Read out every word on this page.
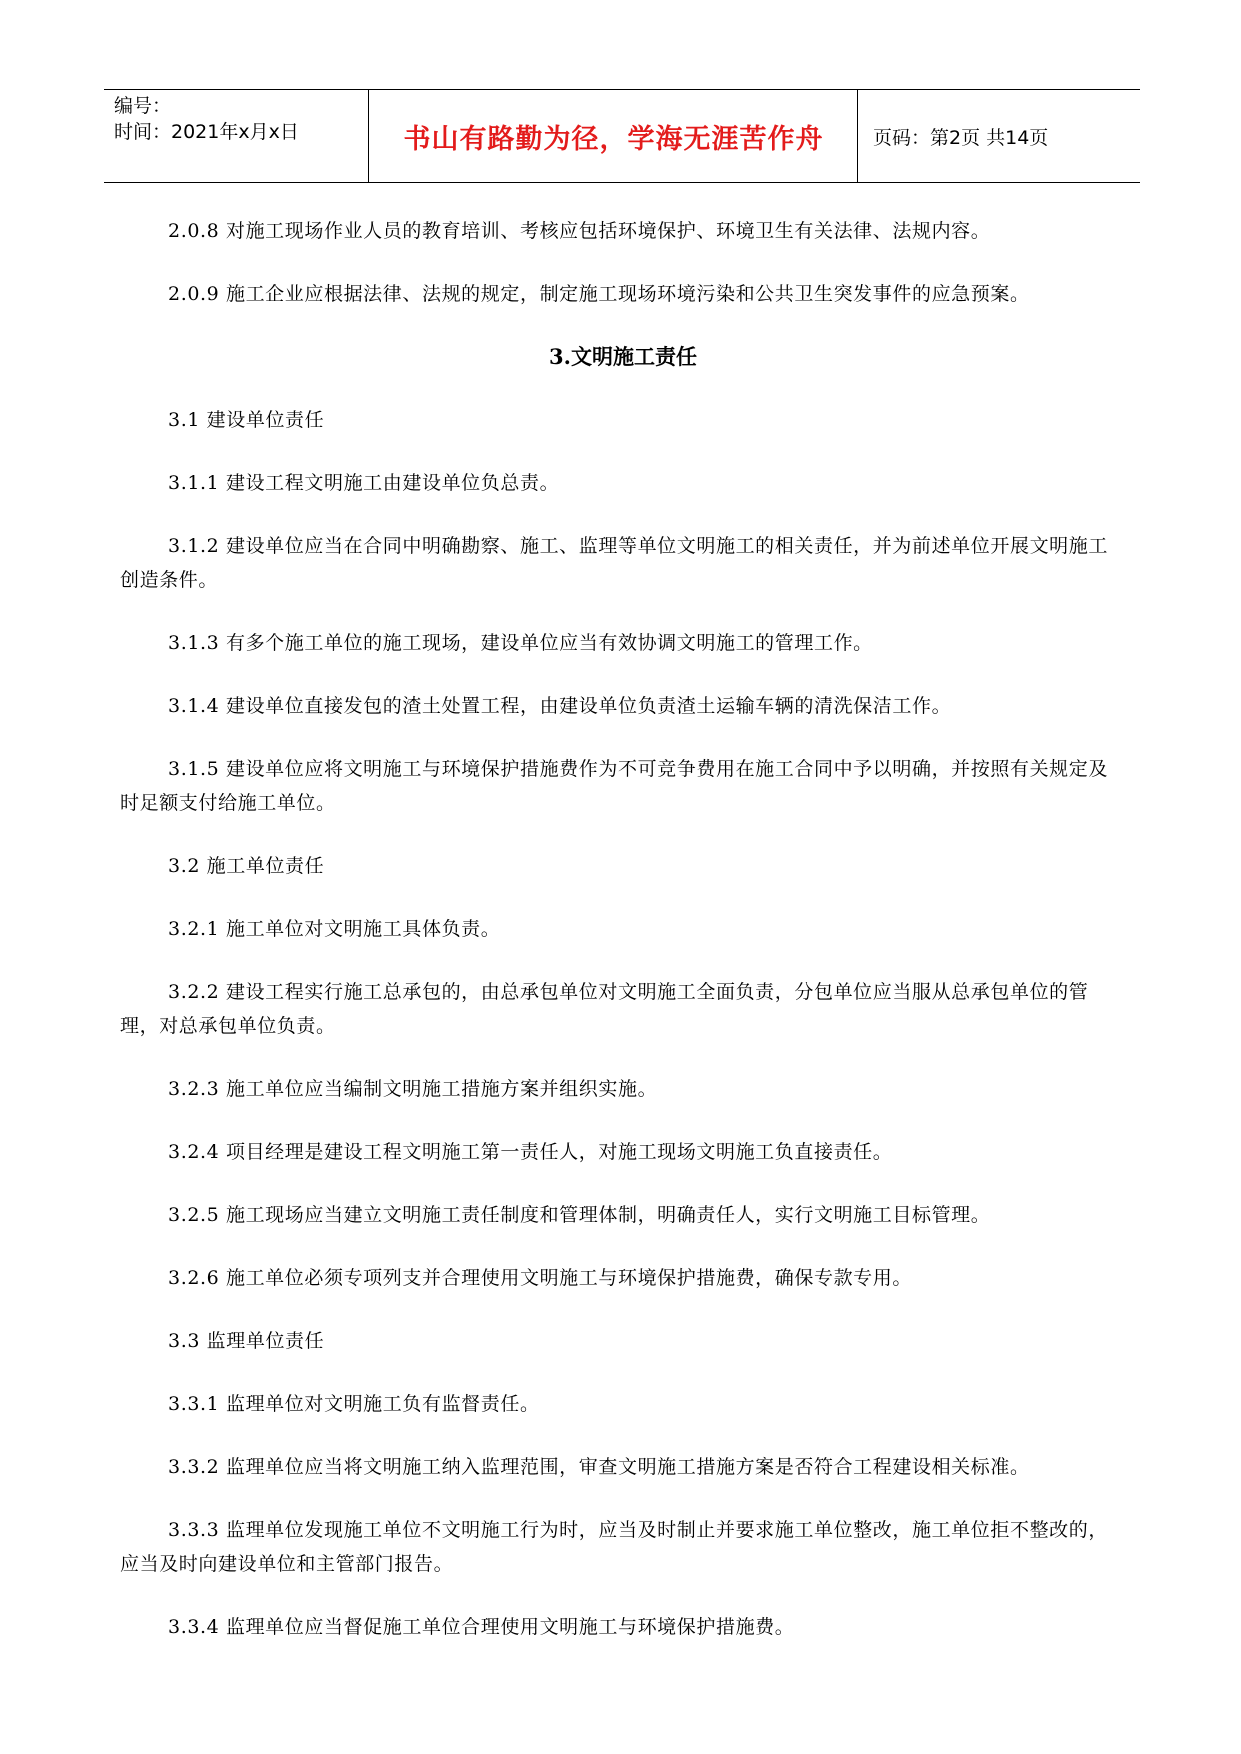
编号：
时间：2021年x月x日	书山有路勤为径，学海无涯苦作舟	页码：第2页 共14页

2.0.8 对施工现场作业人员的教育培训、考核应包括环境保护、环境卫生有关法律、法规内容。

2.0.9 施工企业应根据法律、法规的规定，制定施工现场环境污染和公共卫生突发事件的应急预案。

3.文明施工责任

3.1 建设单位责任

3.1.1 建设工程文明施工由建设单位负总责。

3.1.2 建设单位应当在合同中明确勘察、施工、监理等单位文明施工的相关责任，并为前述单位开展文明施工创造条件。

3.1.3 有多个施工单位的施工现场，建设单位应当有效协调文明施工的管理工作。

3.1.4 建设单位直接发包的渣土处置工程，由建设单位负责渣土运输车辆的清洗保洁工作。

3.1.5 建设单位应将文明施工与环境保护措施费作为不可竞争费用在施工合同中予以明确，并按照有关规定及时足额支付给施工单位。

3.2 施工单位责任

3.2.1 施工单位对文明施工具体负责。

3.2.2 建设工程实行施工总承包的，由总承包单位对文明施工全面负责，分包单位应当服从总承包单位的管理，对总承包单位负责。

3.2.3 施工单位应当编制文明施工措施方案并组织实施。

3.2.4 项目经理是建设工程文明施工第一责任人，对施工现场文明施工负直接责任。

3.2.5 施工现场应当建立文明施工责任制度和管理体制，明确责任人，实行文明施工目标管理。

3.2.6 施工单位必须专项列支并合理使用文明施工与环境保护措施费，确保专款专用。

3.3 监理单位责任

3.3.1 监理单位对文明施工负有监督责任。

3.3.2 监理单位应当将文明施工纳入监理范围，审查文明施工措施方案是否符合工程建设相关标准。

3.3.3 监理单位发现施工单位不文明施工行为时，应当及时制止并要求施工单位整改，施工单位拒不整改的，应当及时向建设单位和主管部门报告。

3.3.4 监理单位应当督促施工单位合理使用文明施工与环境保护措施费。
